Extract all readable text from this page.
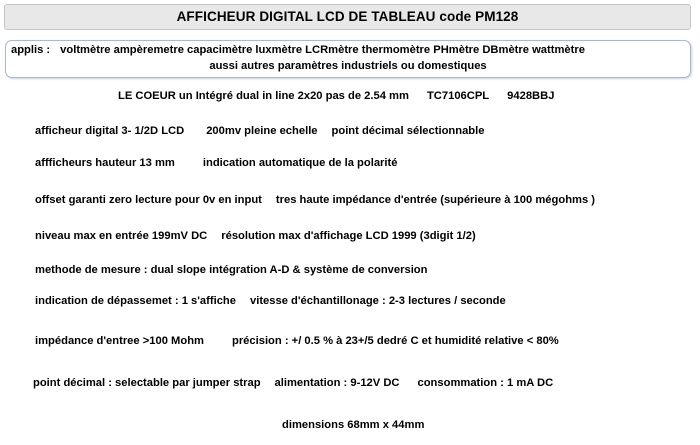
AFFICHEUR DIGITAL LCD DE TABLEAU code PM128
applis : voltmètre ampèremetre capacimètre luxmètre LCRmètre thermomètre PHmètre DBmètre wattmètre
aussi autres paramètres industriels ou domestiques
LE COEUR un Intégré dual in line 2x20 pas de 2.54 mm TC7106CPL 9428BBJ
afficheur digital 3- 1/2D LCD 200mv pleine echelle point décimal sélectionnable
affficheurs hauteur 13 mm	indication automatique de la polarité
offset garanti zero lecture pour 0v en input tres haute impédance d'entrée (supérieure à 100 mégohms )
niveau max en entrée 199mV DC résolution max d'affichage LCD 1999 (3digit 1/2)
methode de mesure : dual slope intégration A-D & système de conversion
indication de dépassemet : 1 s'affiche vitesse d'échantillonage : 2-3 lectures / seconde
impédance d'entree >100 Mohm	précision : +/ 0.5 % à 23+/5 dedré C et humidité relative < 80%
point décimal : selectable par jumper strap alimentation : 9-12V DC consommation : 1 mA DC
dimensions 68mm x 44mm
